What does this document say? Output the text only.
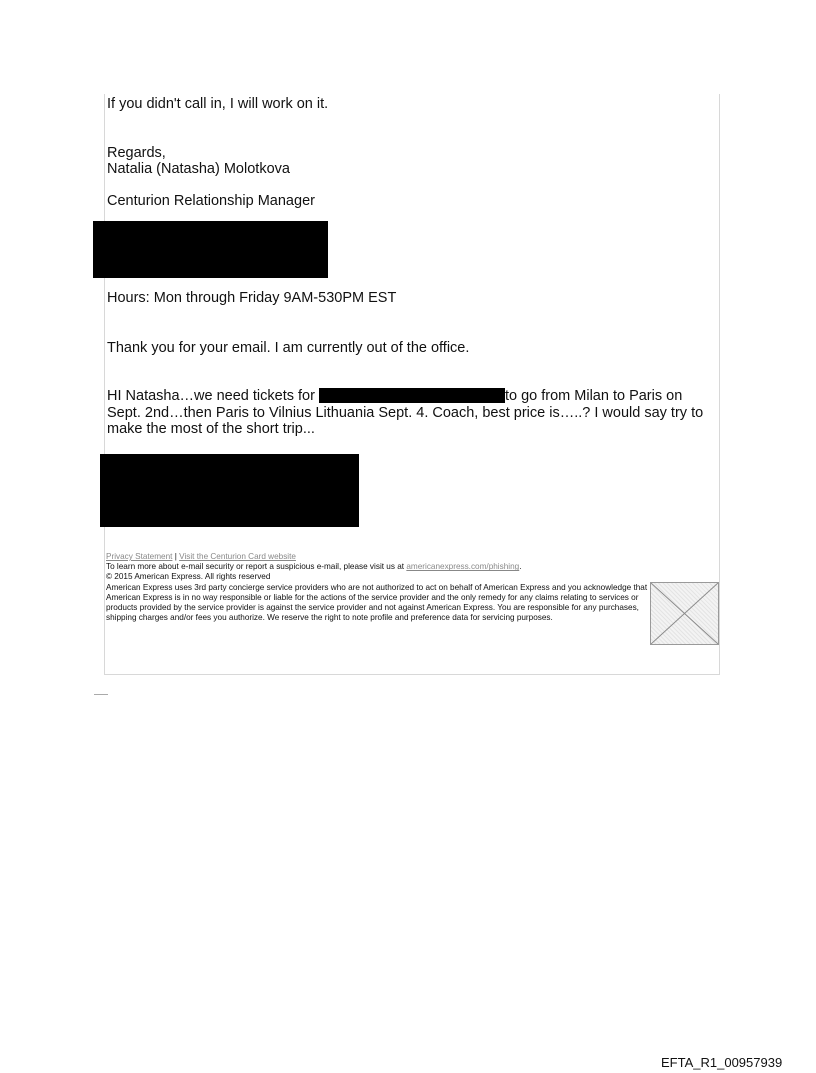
If you didn't call in, I will work on it.
Regards,
Natalia (Natasha) Molotkova
Centurion Relationship Manager
Hours: Mon through Friday 9AM-530PM EST
Thank you for your email. I am currently out of the office.
HI Natasha…we need tickets for	to go from Milan to Paris on Sept. 2nd…then Paris to Vilnius Lithuania Sept. 4. Coach, best price is…..? I would say try to make the most of the short trip...
Privacy Statement | Visit the Centurion Card website
To learn more about e-mail security or report a suspicious e-mail, please visit us at americanexpress.com/phishing.
© 2015 American Express. All rights reserved
American Express uses 3rd party concierge service providers who are not authorized to act on behalf of American Express and you acknowledge that American Express is in no way responsible or liable for the actions of the service provider and the only remedy for any claims relating to services or products provided by the service provider is against the service provider and not against American Express. You are responsible for any purchases, shipping charges and/or fees you authorize. We reserve the right to note profile and preference data for servicing purposes.
EFTA_R1_00957939
